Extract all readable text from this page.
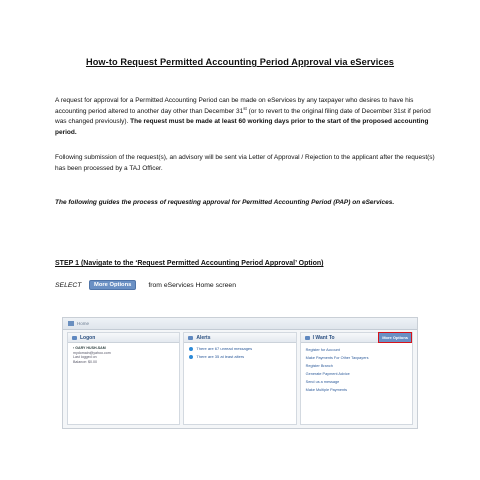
How-to Request Permitted Accounting Period Approval via eServices
A request for approval for a Permitted Accounting Period can be made on eServices by any taxpayer who desires to have his accounting period altered to another day other than December 31st (or to revert to the original filing date of December 31st if period was changed previously). The request must be made at least 60 working days prior to the start of the proposed accounting period.
Following submission of the request(s), an advisory will be sent via Letter of Approval / Rejection to the applicant after the request(s) has been processed by a TAJ Officer.
The following guides the process of requesting approval for Permitted Accounting Period (PAP) on eServices.
STEP 1 (Navigate to the ‘Request Permitted Accounting Period Approval’ Option)
SELECT	More Options	from eServices Home screen
Home
Logon
› GARY HUSH-SAM
mydomain@yahoo.com
Last logged on
Balance: $0.00
Alerts
There are 67 unread messages
There are 35 at least alters
I Want To	More Options
Register for Account
Make Payments For Other Taxpayers
Register Branch
Generate Payment Advice
Send us a message
Make Multiple Payments
